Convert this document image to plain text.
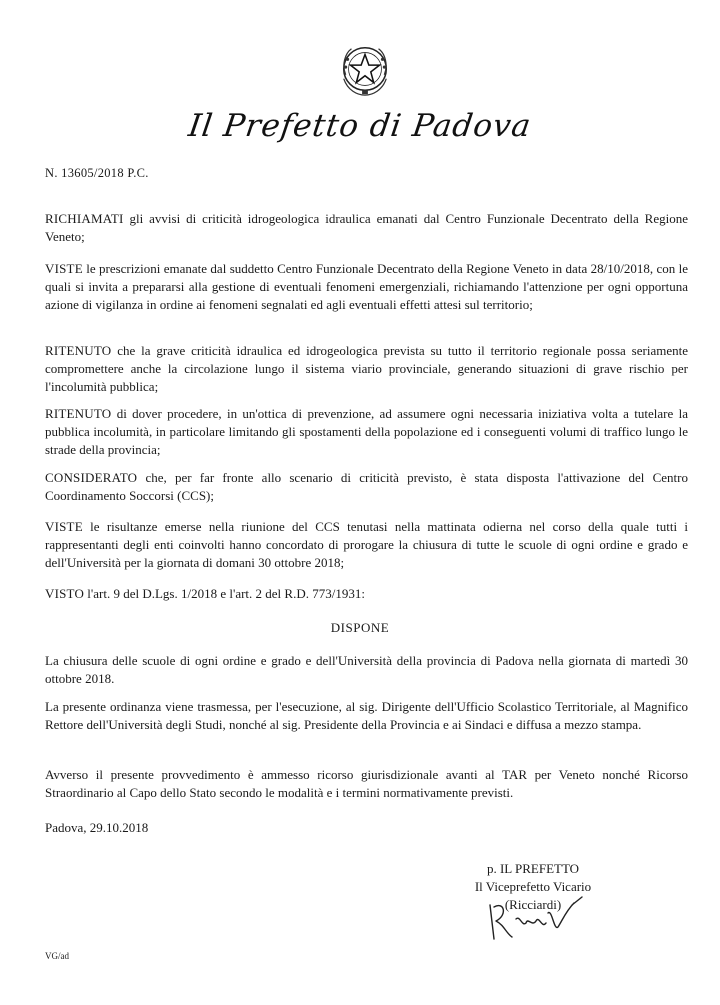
Il Prefetto di Padova
N. 13605/2018 P.C.

RICHIAMATI gli avvisi di criticità idrogeologica idraulica emanati dal Centro Funzionale Decentrato della Regione Veneto;

VISTE le prescrizioni emanate dal suddetto Centro Funzionale Decentrato della Regione Veneto in data 28/10/2018, con le quali si invita a prepararsi alla gestione di eventuali fenomeni emergenziali, richiamando l'attenzione per ogni opportuna azione di vigilanza in ordine ai fenomeni segnalati ed agli eventuali effetti attesi sul territorio;

RITENUTO che la grave criticità idraulica ed idrogeologica prevista su tutto il territorio regionale possa seriamente compromettere anche la circolazione lungo il sistema viario provinciale, generando situazioni di grave rischio per l'incolumità pubblica;

RITENUTO di dover procedere, in un'ottica di prevenzione, ad assumere ogni necessaria iniziativa volta a tutelare la pubblica incolumità, in particolare limitando gli spostamenti della popolazione ed i conseguenti volumi di traffico lungo le strade della provincia;

CONSIDERATO che, per far fronte allo scenario di criticità previsto, è stata disposta l'attivazione del Centro Coordinamento Soccorsi (CCS);

VISTE le risultanze emerse nella riunione del CCS tenutasi nella mattinata odierna nel corso della quale tutti i rappresentanti degli enti coinvolti hanno concordato di prorogare la chiusura di tutte le scuole di ogni ordine e grado e dell'Università per la giornata di domani 30 ottobre 2018;

VISTO l'art. 9 del D.Lgs. 1/2018 e l'art. 2 del R.D. 773/1931:

DISPONE

La chiusura delle scuole di ogni ordine e grado e dell'Università della provincia di Padova nella giornata di martedì 30 ottobre 2018.

La presente ordinanza viene trasmessa, per l'esecuzione, al sig. Dirigente dell'Ufficio Scolastico Territoriale, al Magnifico Rettore dell'Università degli Studi, nonché al sig. Presidente della Provincia e ai Sindaci e diffusa a mezzo stampa.

Avverso il presente provvedimento è ammesso ricorso giurisdizionale avanti al TAR per Veneto nonché Ricorso Straordinario al Capo dello Stato secondo le modalità e i termini normativamente previsti.

Padova, 29.10.2018
p. IL PREFETTO
Il Viceprefetto Vicario
(Ricciardi)
VG/ad
